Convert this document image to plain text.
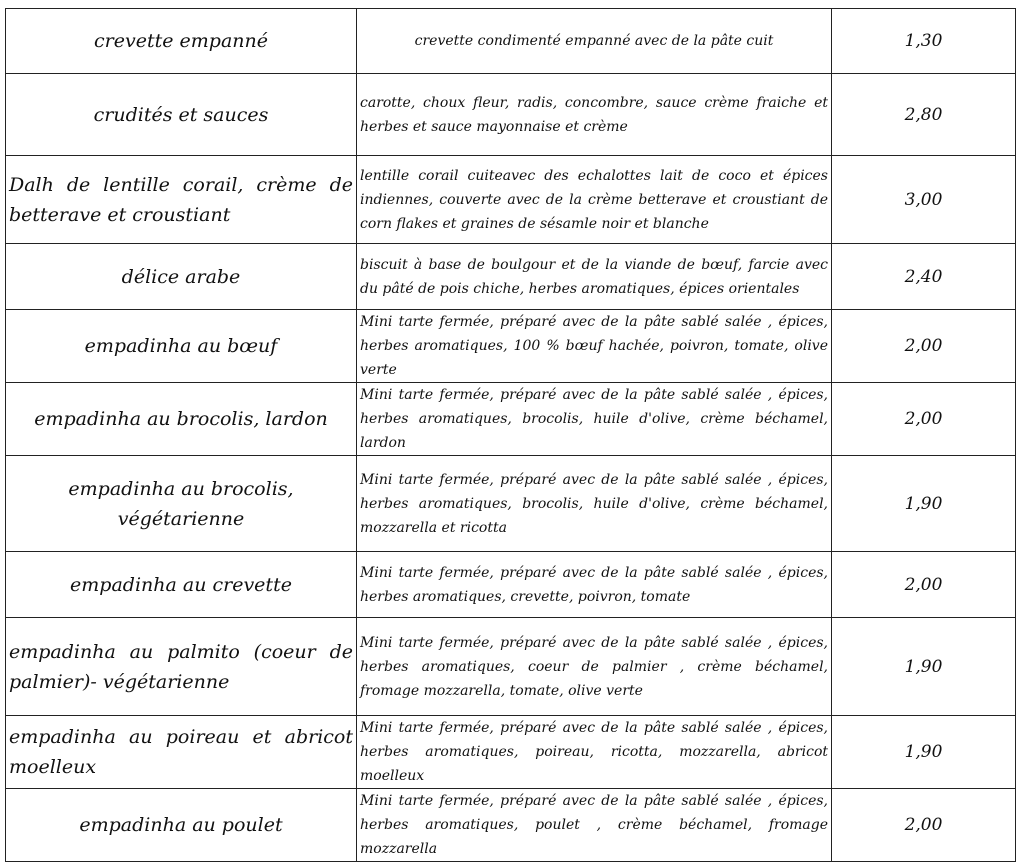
crevette empanné	crevette condimenté empanné avec de la pâte cuit	1,30
crudités et sauces	carotte, choux fleur, radis, concombre, sauce crème fraiche et herbes et sauce mayonnaise et crème	2,80
Dalh de lentille corail, crème de betterave et croustiant	lentille corail cuiteavec des echalottes lait de coco et épices indiennes, couverte avec de la crème betterave et croustiant de corn flakes et graines de sésamle noir et blanche	3,00
délice arabe	biscuit à base de boulgour et de la viande de bœuf, farcie avec du pâté de pois chiche, herbes aromatiques, épices orientales	2,40
empadinha au bœuf	Mini tarte fermée, préparé avec de la pâte sablé salée , épices, herbes aromatiques, 100 % bœuf hachée, poivron, tomate, olive verte	2,00
empadinha au brocolis, lardon	Mini tarte fermée, préparé avec de la pâte sablé salée , épices, herbes aromatiques, brocolis, huile d'olive, crème béchamel, lardon	2,00
empadinha au brocolis, végétarienne	Mini tarte fermée, préparé avec de la pâte sablé salée , épices, herbes aromatiques, brocolis, huile d'olive, crème béchamel, mozzarella et ricotta	1,90
empadinha au crevette	Mini tarte fermée, préparé avec de la pâte sablé salée , épices, herbes aromatiques, crevette, poivron, tomate	2,00
empadinha au palmito (coeur de palmier)- végétarienne	Mini tarte fermée, préparé avec de la pâte sablé salée , épices, herbes aromatiques, coeur de palmier , crème béchamel, fromage mozzarella, tomate, olive verte	1,90
empadinha au poireau et abricot moelleux	Mini tarte fermée, préparé avec de la pâte sablé salée , épices, herbes aromatiques, poireau, ricotta, mozzarella, abricot moelleux	1,90
empadinha au poulet	Mini tarte fermée, préparé avec de la pâte sablé salée , épices, herbes aromatiques, poulet , crème béchamel, fromage mozzarella	2,00
